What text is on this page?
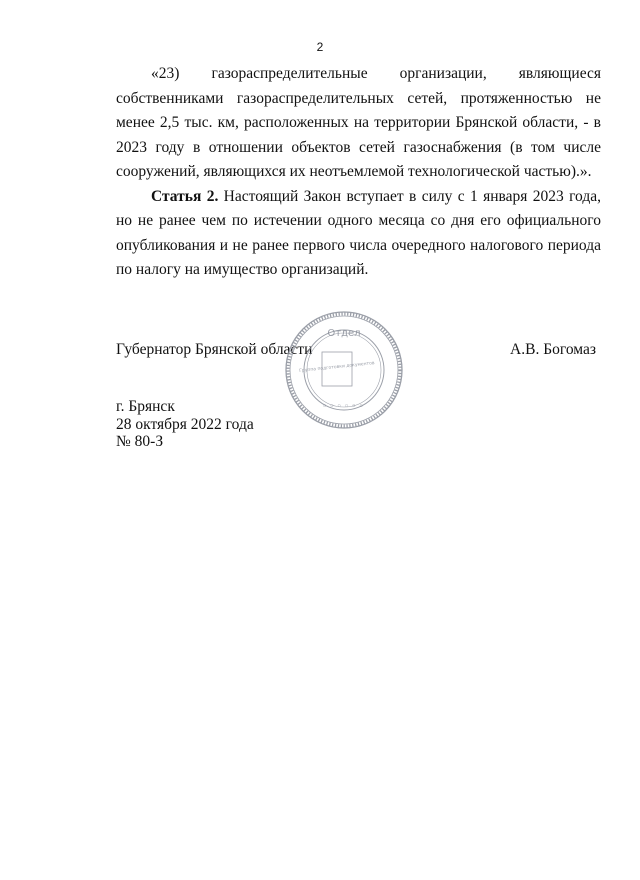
2

«23) газораспределительные организации, являющиеся собственниками газораспределительных сетей, протяженностью не менее 2,5 тыс. км, расположенных на территории Брянской области, - в 2023 году в отношении объектов сетей газоснабжения (в том числе сооружений, являющихся их неотъемлемой технологической частью).».

Статья 2. Настоящий Закон вступает в силу с 1 января 2023 года, но не ранее чем по истечении одного месяца со дня его официального опубликования и не ранее первого числа очередного налогового периода по налогу на имущество организаций.

Губернатор Брянской области	А.В. Богомаз
Отдел
Группа подготовки документов
◦◦◦◦◦◦
г. Брянск
28 октября 2022 года
№ 80-З
